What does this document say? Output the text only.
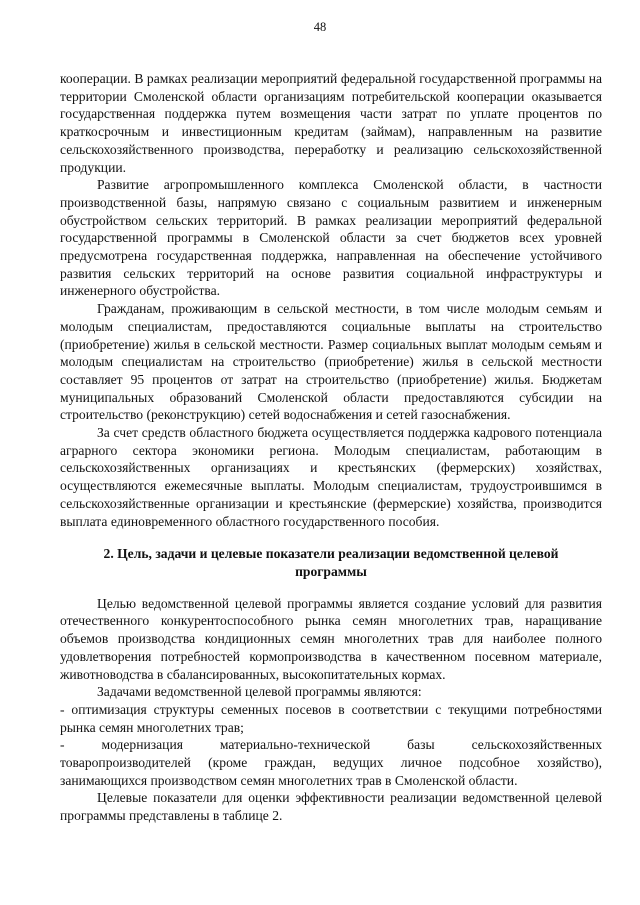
48

кооперации. В рамках реализации мероприятий федеральной государственной программы на территории Смоленской области организациям потребительской кооперации оказывается государственная поддержка путем возмещения части затрат по уплате процентов по краткосрочным и инвестиционным кредитам (займам), направленным на развитие сельскохозяйственного производства, переработку и реализацию сельскохозяйственной продукции.

Развитие агропромышленного комплекса Смоленской области, в частности производственной базы, напрямую связано с социальным развитием и инженерным обустройством сельских территорий. В рамках реализации мероприятий федеральной государственной программы в Смоленской области за счет бюджетов всех уровней предусмотрена государственная поддержка, направленная на обеспечение устойчивого развития сельских территорий на основе развития социальной инфраструктуры и инженерного обустройства.

Гражданам, проживающим в сельской местности, в том числе молодым семьям и молодым специалистам, предоставляются социальные выплаты на строительство (приобретение) жилья в сельской местности. Размер социальных выплат молодым семьям и молодым специалистам на строительство (приобретение) жилья в сельской местности составляет 95 процентов от затрат на строительство (приобретение) жилья. Бюджетам муниципальных образований Смоленской области предоставляются субсидии на строительство (реконструкцию) сетей водоснабжения и сетей газоснабжения.

За счет средств областного бюджета осуществляется поддержка кадрового потенциала аграрного сектора экономики региона. Молодым специалистам, работающим в сельскохозяйственных организациях и крестьянских (фермерских) хозяйствах, осуществляются ежемесячные выплаты. Молодым специалистам, трудоустроившимся в сельскохозяйственные организации и крестьянские (фермерские) хозяйства, производится выплата единовременного областного государственного пособия.

2. Цель, задачи и целевые показатели реализации ведомственной целевой программы

Целью ведомственной целевой программы является создание условий для развития отечественного конкурентоспособного рынка семян многолетних трав, наращивание объемов производства кондиционных семян многолетних трав для наиболее полного удовлетворения потребностей кормопроизводства в качественном посевном материале, животноводства в сбалансированных, высокопитательных кормах.

Задачами ведомственной целевой программы являются:

- оптимизация структуры семенных посевов в соответствии с текущими потребностями рынка семян многолетних трав;

- модернизация материально-технической базы сельскохозяйственных товаропроизводителей (кроме граждан, ведущих личное подсобное хозяйство), занимающихся производством семян многолетних трав в Смоленской области.

Целевые показатели для оценки эффективности реализации ведомственной целевой программы представлены в таблице 2.
